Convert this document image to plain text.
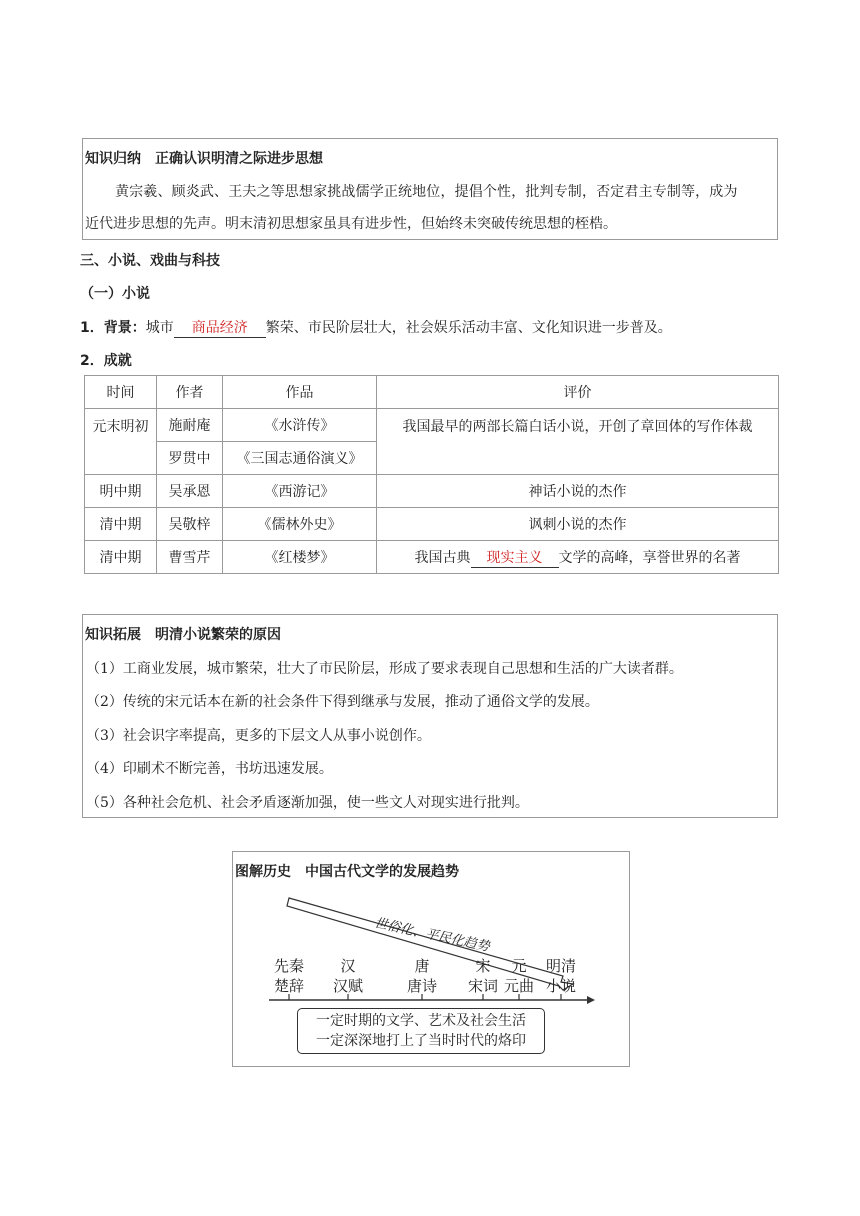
知识归纳　正确认识明清之际进步思想
黄宗羲、顾炎武、王夫之等思想家挑战儒学正统地位，提倡个性，批判专制，否定君主专制等，成为
近代进步思想的先声。明末清初思想家虽具有进步性，但始终未突破传统思想的桎梏。
三、小说、戏曲与科技
（一）小说
1．背景：城市 商品经济 繁荣、市民阶层壮大，社会娱乐活动丰富、文化知识进一步普及。
2．成就
时间	作者	作品	评价
元末明初	施耐庵	《水浒传》	我国最早的两部长篇白话小说，开创了章回体的写作体裁
	罗贯中	《三国志通俗演义》	
明中期	吴承恩	《西游记》	神话小说的杰作
清中期	吴敬梓	《儒林外史》	讽刺小说的杰作
清中期	曹雪芹	《红楼梦》	我国古典 现实主义 文学的高峰，享誉世界的名著
知识拓展　明清小说繁荣的原因
（1）工商业发展，城市繁荣，壮大了市民阶层，形成了要求表现自己思想和生活的广大读者群。
（2）传统的宋元话本在新的社会条件下得到继承与发展，推动了通俗文学的发展。
（3）社会识字率提高，更多的下层文人从事小说创作。
（4）印刷术不断完善，书坊迅速发展。
（5）各种社会危机、社会矛盾逐渐加强，使一些文人对现实进行批判。
图解历史　中国古代文学的发展趋势
世俗化、平民化趋势
先秦
楚辞
汉
汉赋
唐
唐诗
宋
宋词
元
元曲
明清
小说
一定时期的文学、艺术及社会生活
一定深深地打上了当时时代的烙印
